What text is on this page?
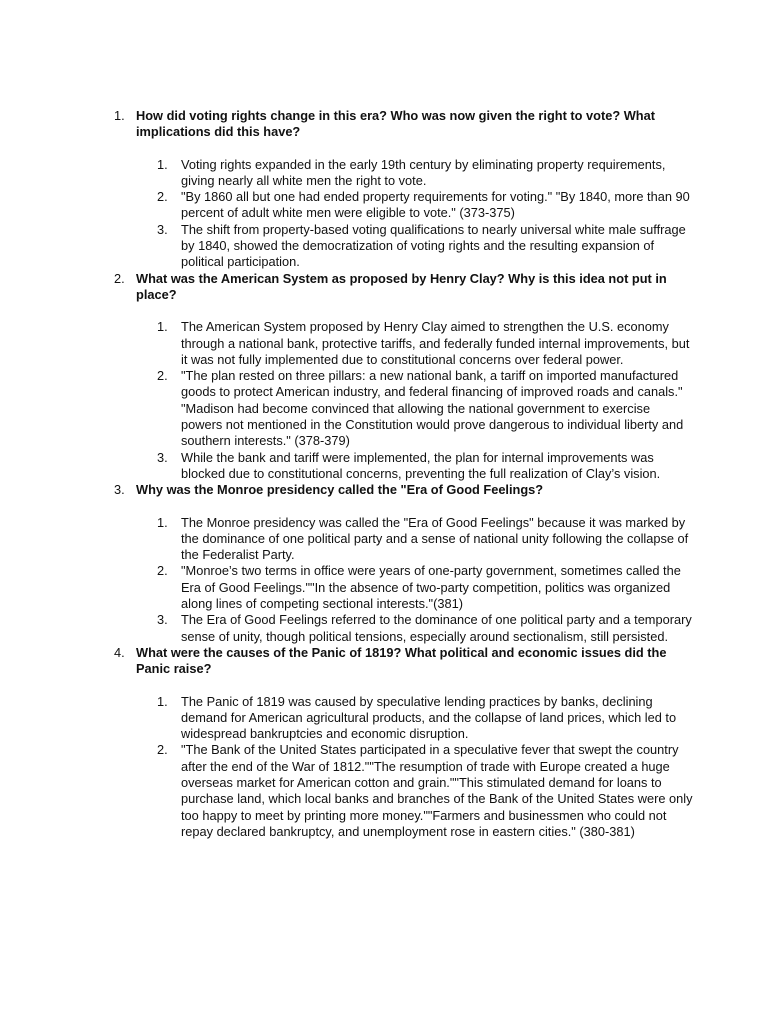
1. How did voting rights change in this era? Who was now given the right to vote? What implications did this have?
1.	Voting rights expanded in the early 19th century by eliminating property requirements, giving nearly all white men the right to vote.
2.	"By 1860 all but one had ended property requirements for voting." "By 1840, more than 90 percent of adult white men were eligible to vote." (373-375)
3.	The shift from property-based voting qualifications to nearly universal white male suffrage by 1840, showed the democratization of voting rights and the resulting expansion of political participation.
2. What was the American System as proposed by Henry Clay? Why is this idea not put in place?
1.	The American System proposed by Henry Clay aimed to strengthen the U.S. economy through a national bank, protective tariffs, and federally funded internal improvements, but it was not fully implemented due to constitutional concerns over federal power.
2.	"The plan rested on three pillars: a new national bank, a tariff on imported manufactured goods to protect American industry, and federal financing of improved roads and canals." "Madison had become convinced that allowing the national government to exercise powers not mentioned in the Constitution would prove dangerous to individual liberty and southern interests." (378-379)
3.	While the bank and tariff were implemented, the plan for internal improvements was blocked due to constitutional concerns, preventing the full realization of Clay’s vision.
3. Why was the Monroe presidency called the "Era of Good Feelings?
1.	The Monroe presidency was called the "Era of Good Feelings" because it was marked by the dominance of one political party and a sense of national unity following the collapse of the Federalist Party.
2.	"Monroe’s two terms in office were years of one-party government, sometimes called the Era of Good Feelings.""In the absence of two-party competition, politics was organized along lines of competing sectional interests."(381)
3.	The Era of Good Feelings referred to the dominance of one political party and a temporary sense of unity, though political tensions, especially around sectionalism, still persisted.
4. What were the causes of the Panic of 1819? What political and economic issues did the Panic raise?
1.	The Panic of 1819 was caused by speculative lending practices by banks, declining demand for American agricultural products, and the collapse of land prices, which led to widespread bankruptcies and economic disruption.
2.	"The Bank of the United States participated in a speculative fever that swept the country after the end of the War of 1812.""The resumption of trade with Europe created a huge overseas market for American cotton and grain.""This stimulated demand for loans to purchase land, which local banks and branches of the Bank of the United States were only too happy to meet by printing more money.""Farmers and businessmen who could not repay declared bankruptcy, and unemployment rose in eastern cities." (380-381)
